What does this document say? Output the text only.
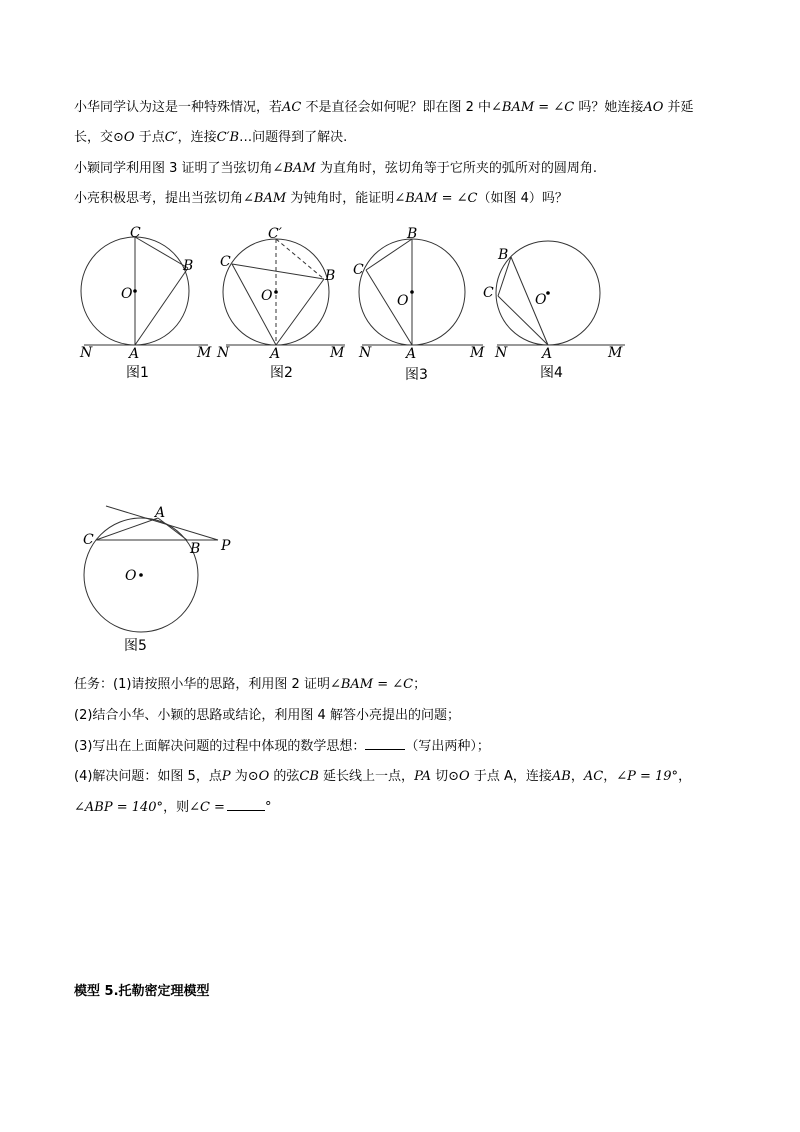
小华同学认为这是一种特殊情况，若AC 不是直径会如何呢？即在图 2 中∠BAM = ∠C 吗？她连接AO 并延
长，交⊙O 于点C′，连接C′B…问题得到了解决.
小颖同学利用图 3 证明了当弦切角∠BAM 为直角时，弦切角等于它所夹的弧所对的圆周角.
小亮积极思考，提出当弦切角∠BAM 为钝角时，能证明∠BAM = ∠C（如图 4）吗？
C
B
O
N	A	M
图1
C′
C
B
O
N	A	M
图2
B
C
O
N A	M
图3
B
C	O
N A	M
图4
A
C
B P
O
图5
任务：(1)请按照小华的思路，利用图 2 证明∠BAM = ∠C；
(2)结合小华、小颖的思路或结论，利用图 4 解答小亮提出的问题；
(3)写出在上面解决问题的过程中体现的数学思想：	（写出两种）；
(4)解决问题：如图 5，点P 为⊙O 的弦CB 延长线上一点，PA 切⊙O 于点 A，连接AB，AC，∠P = 19°，
∠ABP = 140°，则∠C =	°
模型 5.托勒密定理模型
